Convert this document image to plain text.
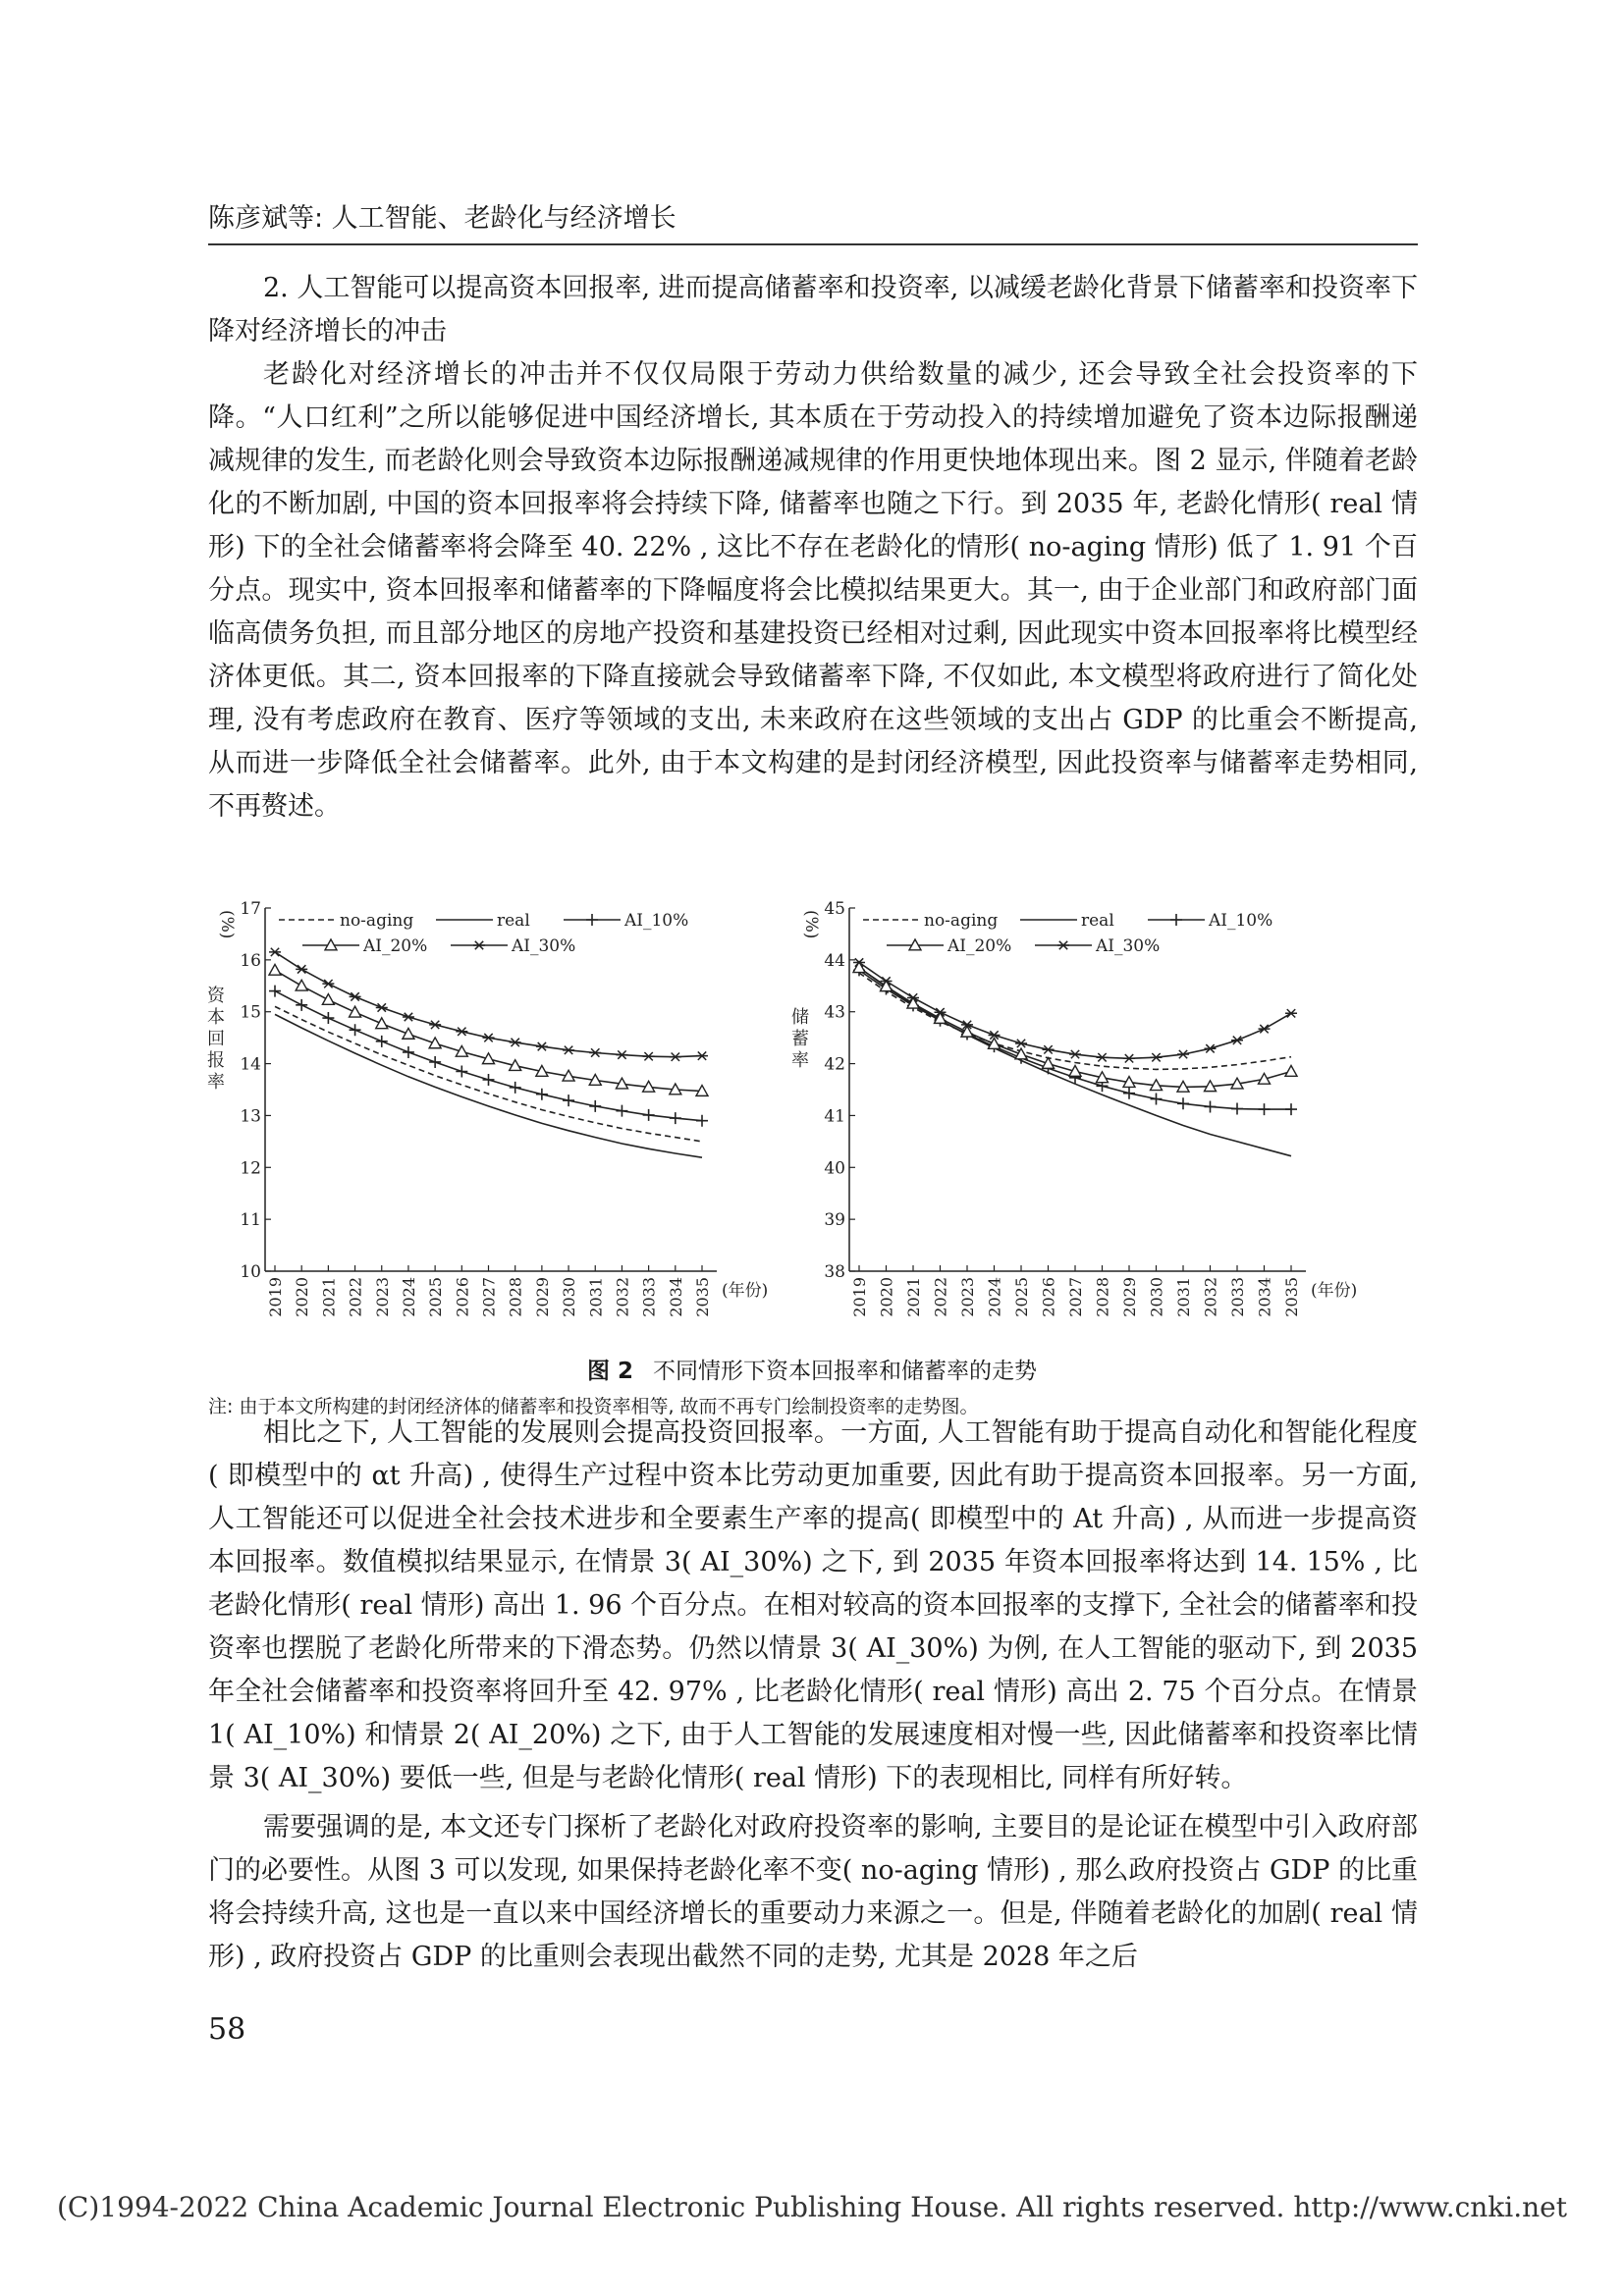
陈彦斌等: 人工智能、老龄化与经济增长

2. 人工智能可以提高资本回报率, 进而提高储蓄率和投资率, 以减缓老龄化背景下储蓄率和投资率下降对经济增长的冲击

老龄化对经济增长的冲击并不仅仅局限于劳动力供给数量的减少, 还会导致全社会投资率的下降。“人口红利”之所以能够促进中国经济增长, 其本质在于劳动投入的持续增加避免了资本边际报酬递减规律的发生, 而老龄化则会导致资本边际报酬递减规律的作用更快地体现出来。图 2 显示, 伴随着老龄化的不断加剧, 中国的资本回报率将会持续下降, 储蓄率也随之下行。到 2035 年, 老龄化情形( real 情形) 下的全社会储蓄率将会降至 40. 22% , 这比不存在老龄化的情形( no-aging 情形) 低了 1. 91 个百分点。现实中, 资本回报率和储蓄率的下降幅度将会比模拟结果更大。其一, 由于企业部门和政府部门面临高债务负担, 而且部分地区的房地产投资和基建投资已经相对过剩, 因此现实中资本回报率将比模型经济体更低。其二, 资本回报率的下降直接就会导致储蓄率下降, 不仅如此, 本文模型将政府进行了简化处理, 没有考虑政府在教育、医疗等领域的支出, 未来政府在这些领域的支出占 GDP 的比重会不断提高, 从而进一步降低全社会储蓄率。此外, 由于本文构建的是封闭经济模型, 因此投资率与储蓄率走势相同, 不再赘述。

10
11
12
13
14
15
16
17
(%)
资本回报率
2019 2020 2021 2022 2023 2024 2025 2026 2027 2028 2029 2030 2031 2032 2033 2034 2035 (年份)
no-aging	real	AI_10%
AI_20%	AI_30%
38
39
40
41
42
43
44
45
(%)
储蓄率
2019 2020 2021 2022 2023 2024 2025 2026 2027 2028 2029 2030 2031 2032 2033 2034 2035 (年份)
no-aging	real	AI_10%
AI_20%	AI_30%
图 2 不同情形下资本回报率和储蓄率的走势
注: 由于本文所构建的封闭经济体的储蓄率和投资率相等, 故而不再专门绘制投资率的走势图。

相比之下, 人工智能的发展则会提高投资回报率。一方面, 人工智能有助于提高自动化和智能化程度( 即模型中的 αt 升高) , 使得生产过程中资本比劳动更加重要, 因此有助于提高资本回报率。另一方面, 人工智能还可以促进全社会技术进步和全要素生产率的提高( 即模型中的 At 升高) , 从而进一步提高资本回报率。数值模拟结果显示, 在情景 3( AI_30%) 之下, 到 2035 年资本回报率将达到 14. 15% , 比老龄化情形( real 情形) 高出 1. 96 个百分点。在相对较高的资本回报率的支撑下, 全社会的储蓄率和投资率也摆脱了老龄化所带来的下滑态势。仍然以情景 3( AI_30%) 为例, 在人工智能的驱动下, 到 2035 年全社会储蓄率和投资率将回升至 42. 97% , 比老龄化情形( real 情形) 高出 2. 75 个百分点。在情景 1( AI_10%) 和情景 2( AI_20%) 之下, 由于人工智能的发展速度相对慢一些, 因此储蓄率和投资率比情景 3( AI_30%) 要低一些, 但是与老龄化情形( real 情形) 下的表现相比, 同样有所好转。

需要强调的是, 本文还专门探析了老龄化对政府投资率的影响, 主要目的是论证在模型中引入政府部门的必要性。从图 3 可以发现, 如果保持老龄化率不变( no-aging 情形) , 那么政府投资占 GDP 的比重将会持续升高, 这也是一直以来中国经济增长的重要动力来源之一。但是, 伴随着老龄化的加剧( real 情形) , 政府投资占 GDP 的比重则会表现出截然不同的走势, 尤其是 2028 年之后

58
(C)1994-2022 China Academic Journal Electronic Publishing House. All rights reserved. http://www.cnki.net
